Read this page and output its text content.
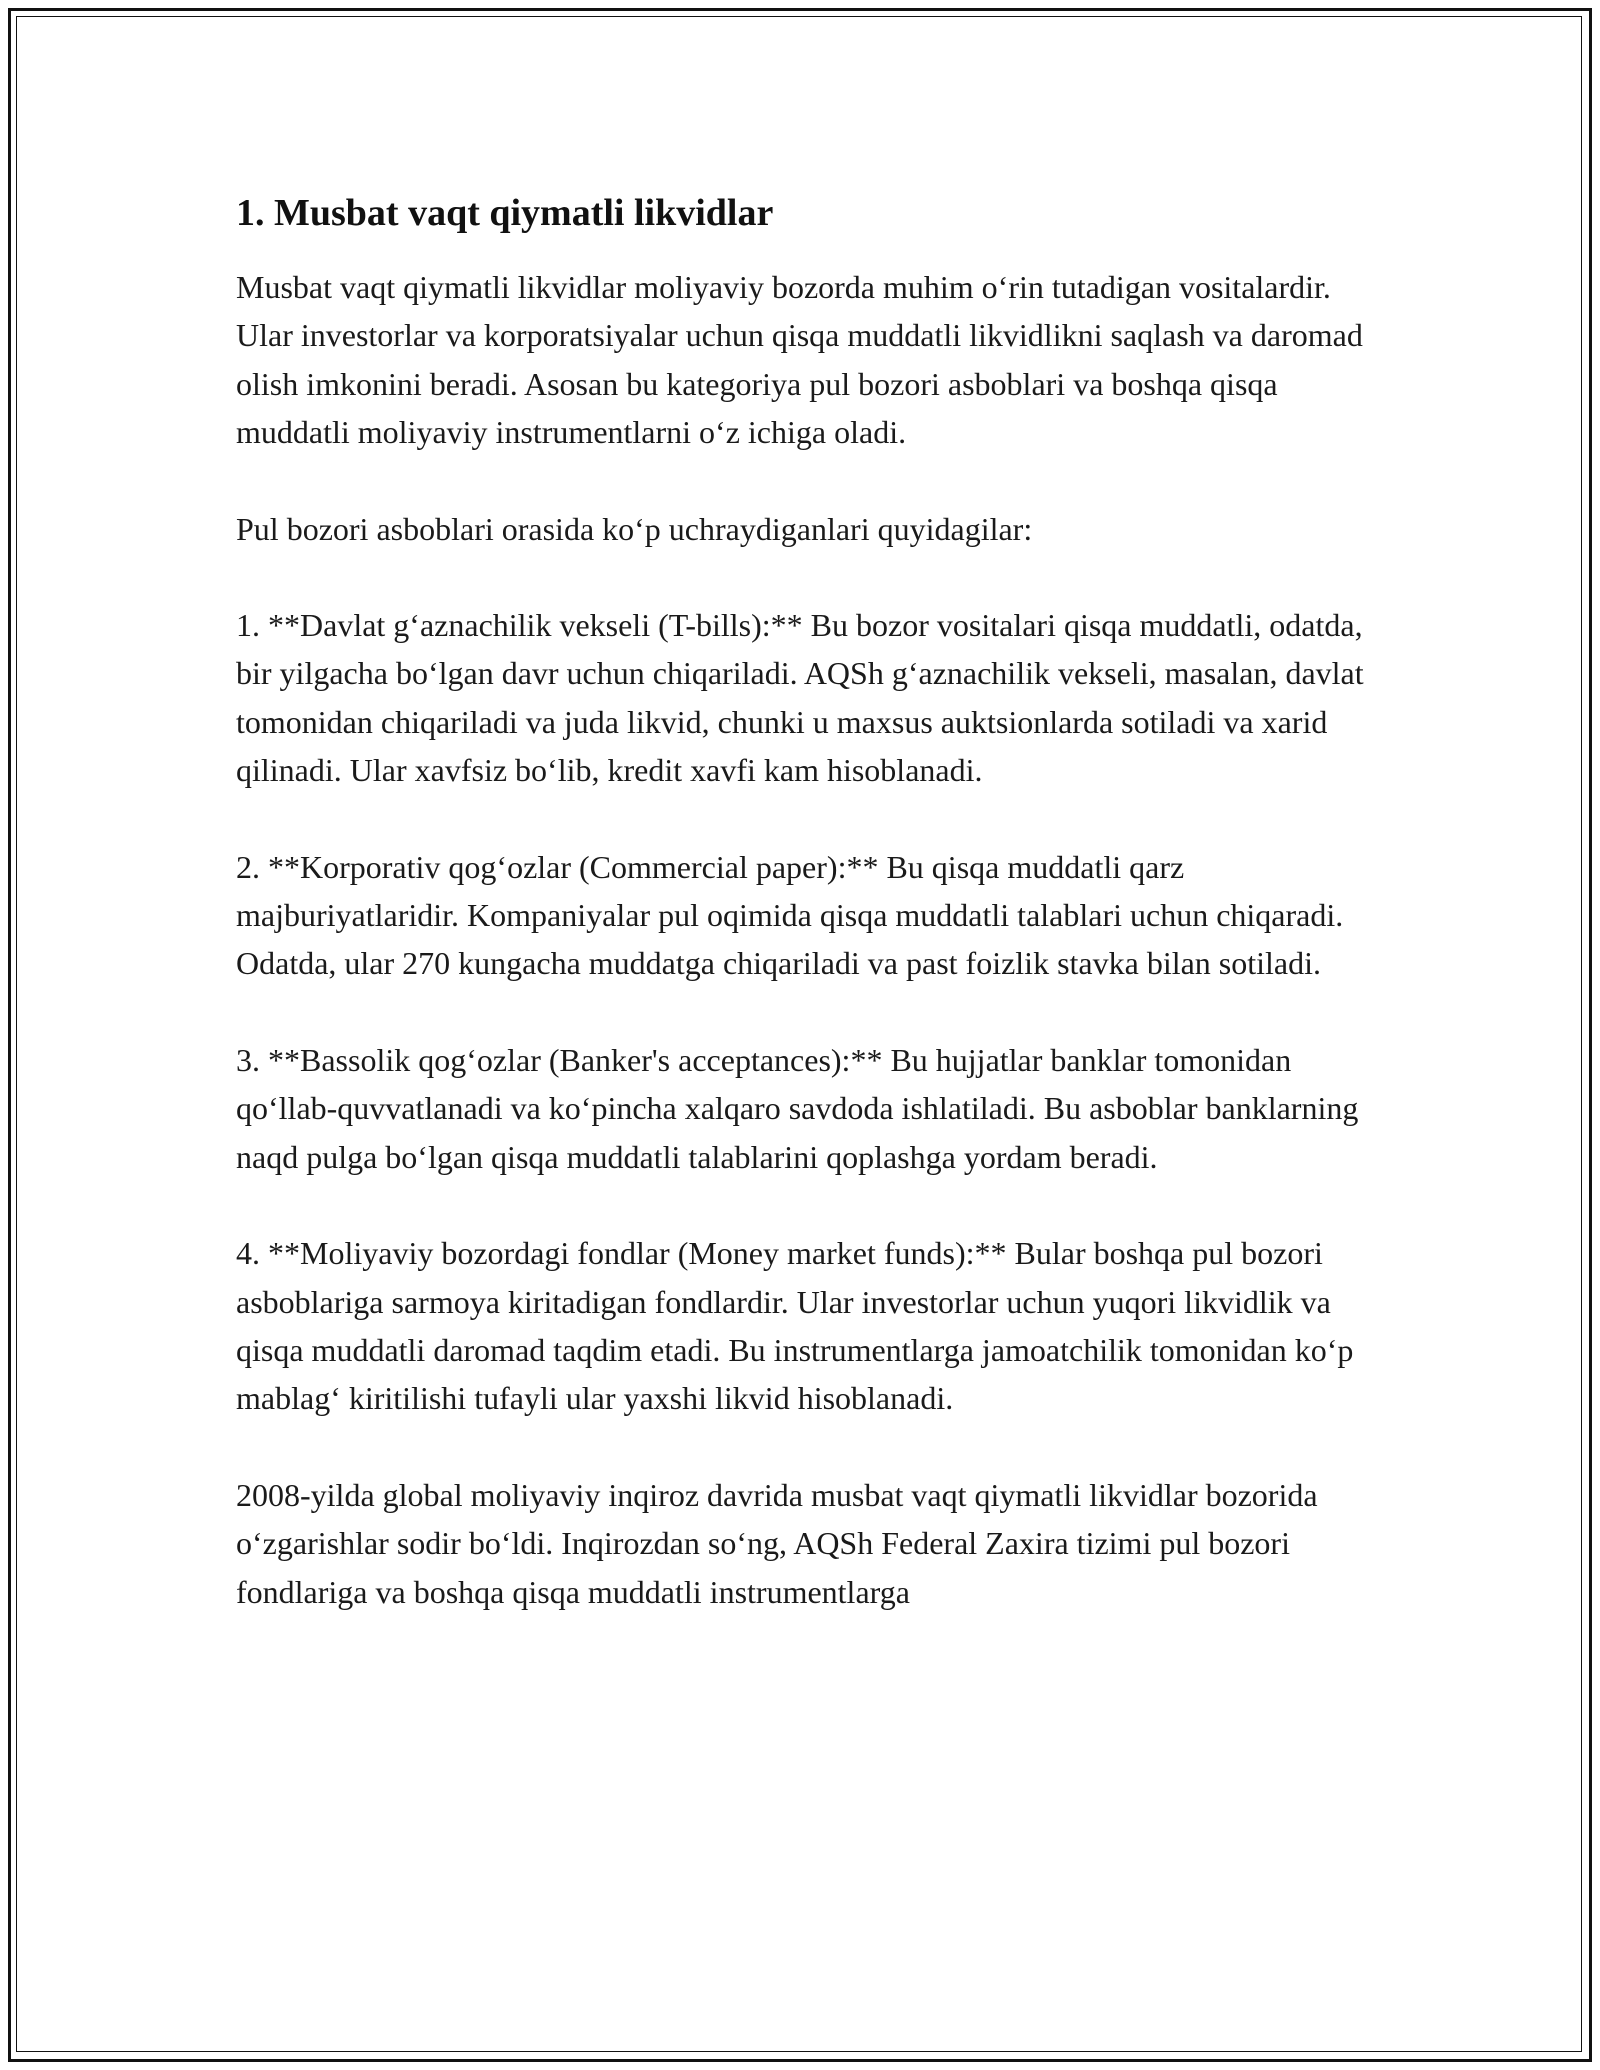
1. Musbat vaqt qiymatli likvidlar

Musbat vaqt qiymatli likvidlar moliyaviy bozorda muhim o‘rin tutadigan vositalardir. Ular investorlar va korporatsiyalar uchun qisqa muddatli likvidlikni saqlash va daromad olish imkonini beradi. Asosan bu kategoriya pul bozori asboblari va boshqa qisqa muddatli moliyaviy instrumentlarni o‘z ichiga oladi.

Pul bozori asboblari orasida ko‘p uchraydiganlari quyidagilar:

1. **Davlat g‘aznachilik vekseli (T-bills):** Bu bozor vositalari qisqa muddatli, odatda, bir yilgacha bo‘lgan davr uchun chiqariladi. AQSh g‘aznachilik vekseli, masalan, davlat tomonidan chiqariladi va juda likvid, chunki u maxsus auktsionlarda sotiladi va xarid qilinadi. Ular xavfsiz bo‘lib, kredit xavfi kam hisoblanadi.

2. **Korporativ qog‘ozlar (Commercial paper):** Bu qisqa muddatli qarz majburiyatlaridir. Kompaniyalar pul oqimida qisqa muddatli talablari uchun chiqaradi. Odatda, ular 270 kungacha muddatga chiqariladi va past foizlik stavka bilan sotiladi.

3. **Bassolik qog‘ozlar (Banker's acceptances):** Bu hujjatlar banklar tomonidan qo‘llab-quvvatlanadi va ko‘pincha xalqaro savdoda ishlatiladi. Bu asboblar banklarning naqd pulga bo‘lgan qisqa muddatli talablarini qoplashga yordam beradi.

4. **Moliyaviy bozordagi fondlar (Money market funds):** Bular boshqa pul bozori asboblariga sarmoya kiritadigan fondlardir. Ular investorlar uchun yuqori likvidlik va qisqa muddatli daromad taqdim etadi. Bu instrumentlarga jamoatchilik tomonidan ko‘p mablag‘ kiritilishi tufayli ular yaxshi likvid hisoblanadi.

2008-yilda global moliyaviy inqiroz davrida musbat vaqt qiymatli likvidlar bozorida o‘zgarishlar sodir bo‘ldi. Inqirozdan so‘ng, AQSh Federal Zaxira tizimi pul bozori fondlariga va boshqa qisqa muddatli instrumentlarga
